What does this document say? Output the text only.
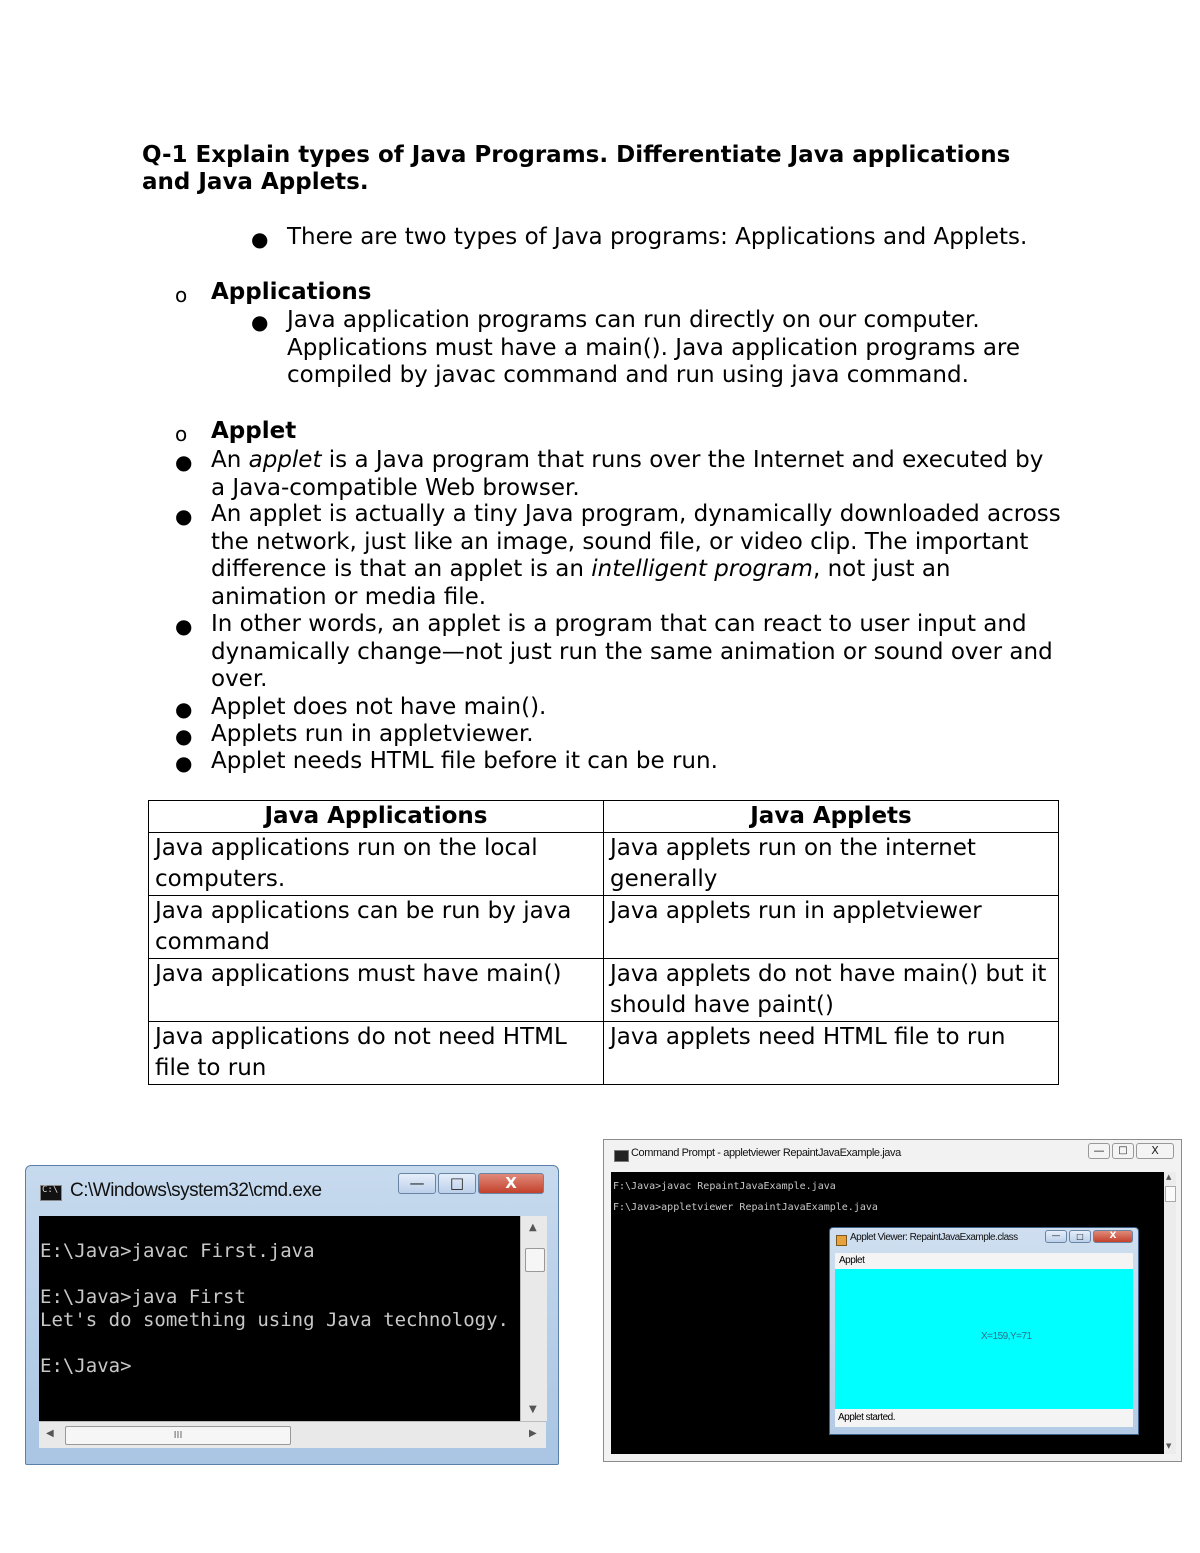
Q-1 Explain types of Java Programs. Differentiate Java applications and Java Applets.
● There are two types of Java programs: Applications and Applets.

o Applications

● Java application programs can run directly on our computer. Applications must have a main(). Java application programs are compiled by javac command and run using java command.

o Applet

● An applet is a Java program that runs over the Internet and executed by a Java-compatible Web browser.

● An applet is actually a tiny Java program, dynamically downloaded across the network, just like an image, sound file, or video clip. The important difference is that an applet is an intelligent program, not just an animation or media file.

● In other words, an applet is a program that can react to user input and dynamically change—not just run the same animation or sound over and over.

● Applet does not have main().

● Applets run in appletviewer.

● Applet needs HTML file before it can be run.

Java Applications	Java Applets
Java applications run on the local computers.	Java applets run on the internet generally
Java applications can be run by java command	Java applets run in appletviewer
Java applications must have main()	Java applets do not have main() but it should have paint()
Java applications do not need HTML file to run	Java applets need HTML file to run
C:\ C:\Windows\system32\cmd.exe	—	□	X
E:\Java>javac First.java

E:\Java>java First
Let's do something using Java technology.

E:\Java>
▲
▼
◀	III	▶
Command Prompt - appletviewer RepaintJavaExample.java	—	□	X
F:\Java>javac RepaintJavaExample.java
F:\Java>appletviewer RepaintJavaExample.java
▲
▼
Applet Viewer: RepaintJavaExample.class	—	□	X
Applet
X=159,Y=71
Applet started.
